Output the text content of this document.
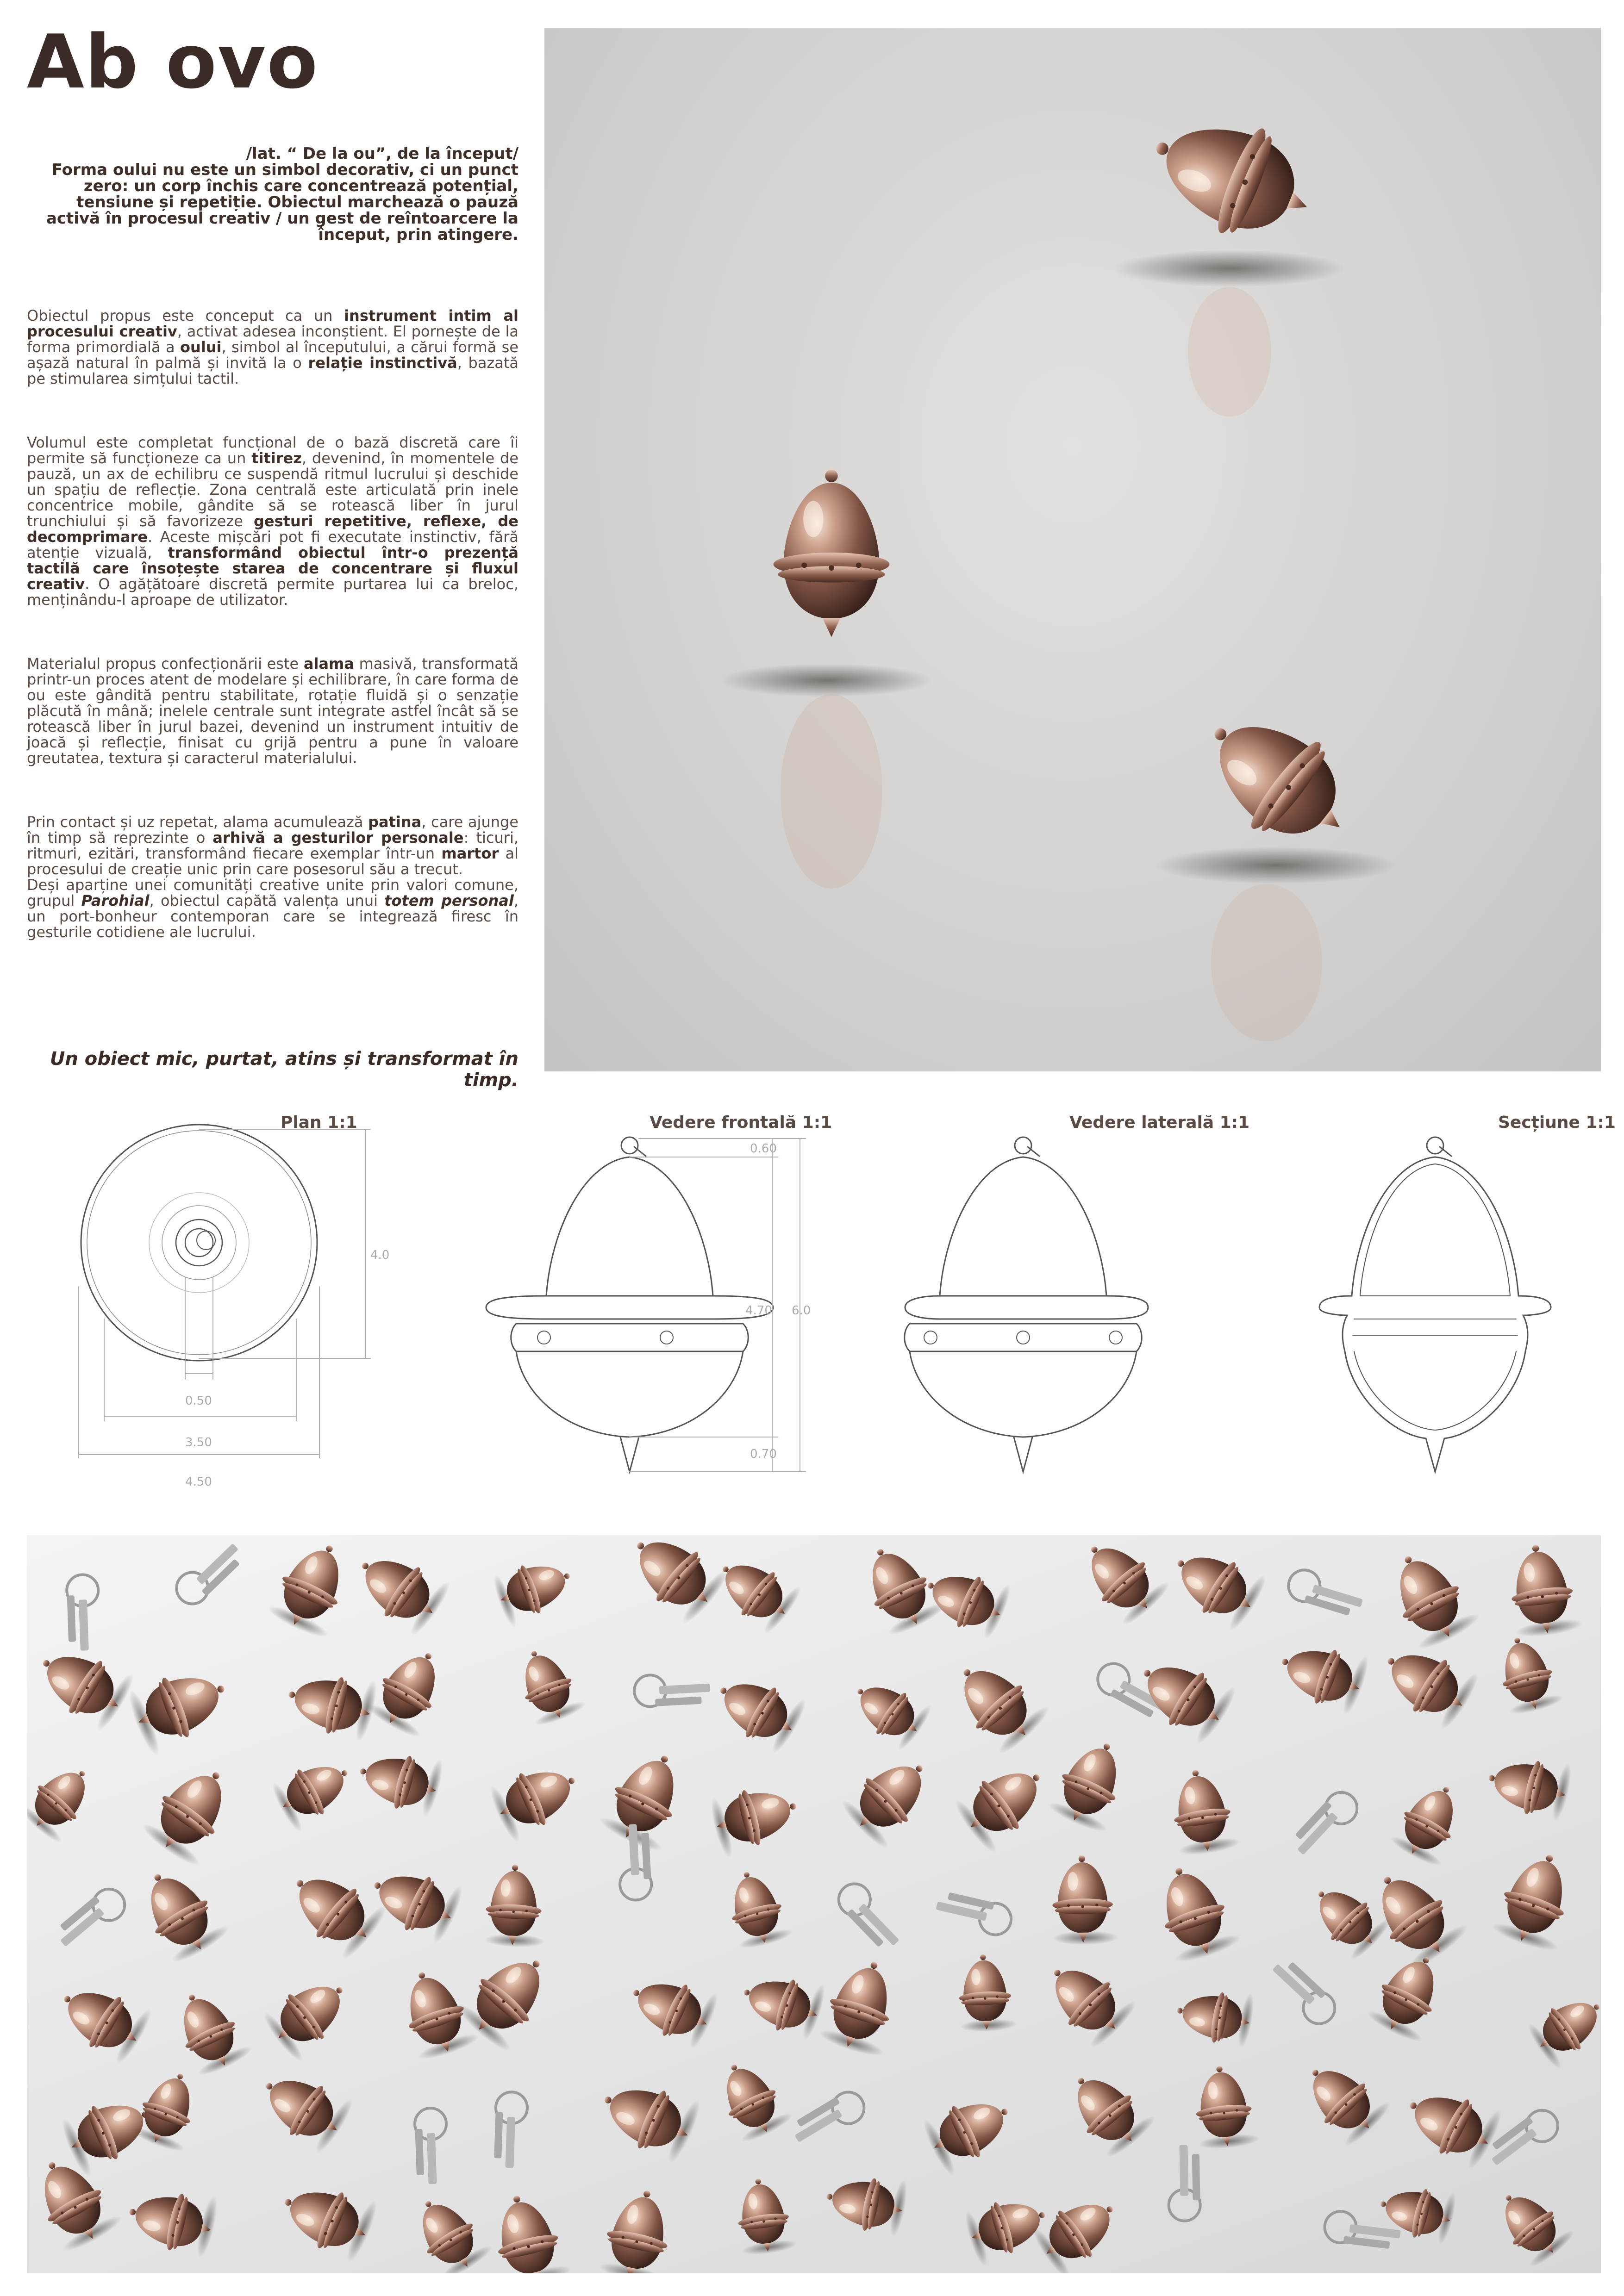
Ab ovo
/lat. “ De la ou”, de la început/
Forma oului nu este un simbol decorativ, ci un punct zero: un corp închis care concentrează potențial, tensiune și repetiție. Obiectul marchează o pauză activă în procesul creativ / un gest de reîntoarcere la început, prin atingere.

Obiectul propus este conceput ca un instrument intim al procesului creativ, activat adesea inconștient. El pornește de la forma primordială a oului, simbol al începutului, a cărui formă se așază natural în palmă și invită la o relație instinctivă, bazată pe stimularea simțului tactil.

Volumul este completat funcțional de o bază discretă care îi permite să funcționeze ca un titirez, devenind, în momentele de pauză, un ax de echilibru ce suspendă ritmul lucrului și deschide un spațiu de reflecție. Zona centrală este articulată prin inele concentrice mobile, gândite să se rotească liber în jurul trunchiului și să favorizeze gesturi repetitive, reflexe, de decomprimare. Aceste mișcări pot fi executate instinctiv, fără atenție vizuală, transformând obiectul într-o prezență tactilă care însoțește starea de concentrare și fluxul creativ. O agățătoare discretă permite purtarea lui ca breloc, menținându-l aproape de utilizator.

Materialul propus confecționării este alama masivă, transformată printr-un proces atent de modelare și echilibrare, în care forma de ou este gândită pentru stabilitate, rotație fluidă și o senzație plăcută în mână; inelele centrale sunt integrate astfel încât să se rotească liber în jurul bazei, devenind un instrument intuitiv de joacă și reflecție, finisat cu grijă pentru a pune în valoare greutatea, textura și caracterul materialului.

Prin contact și uz repetat, alama acumulează patina, care ajunge în timp să reprezinte o arhivă a gesturilor personale: ticuri, ritmuri, ezitări, transformând fiecare exemplar într-un martor al procesului de creație unic prin care posesorul său a trecut.

Deși aparține unei comunități creative unite prin valori comune, grupul Parohial, obiectul capătă valența unui totem personal, un port-bonheur contemporan care se integrează firesc în gesturile cotidiene ale lucrului.

Un obiect mic, purtat, atins și transformat în timp.
Plan 1:1	Vedere frontală 1:1	Vedere laterală 1:1	Secțiune 1:1
4.0
0.50
3.50
4.50
0.60
4.70 6.0
0.70
